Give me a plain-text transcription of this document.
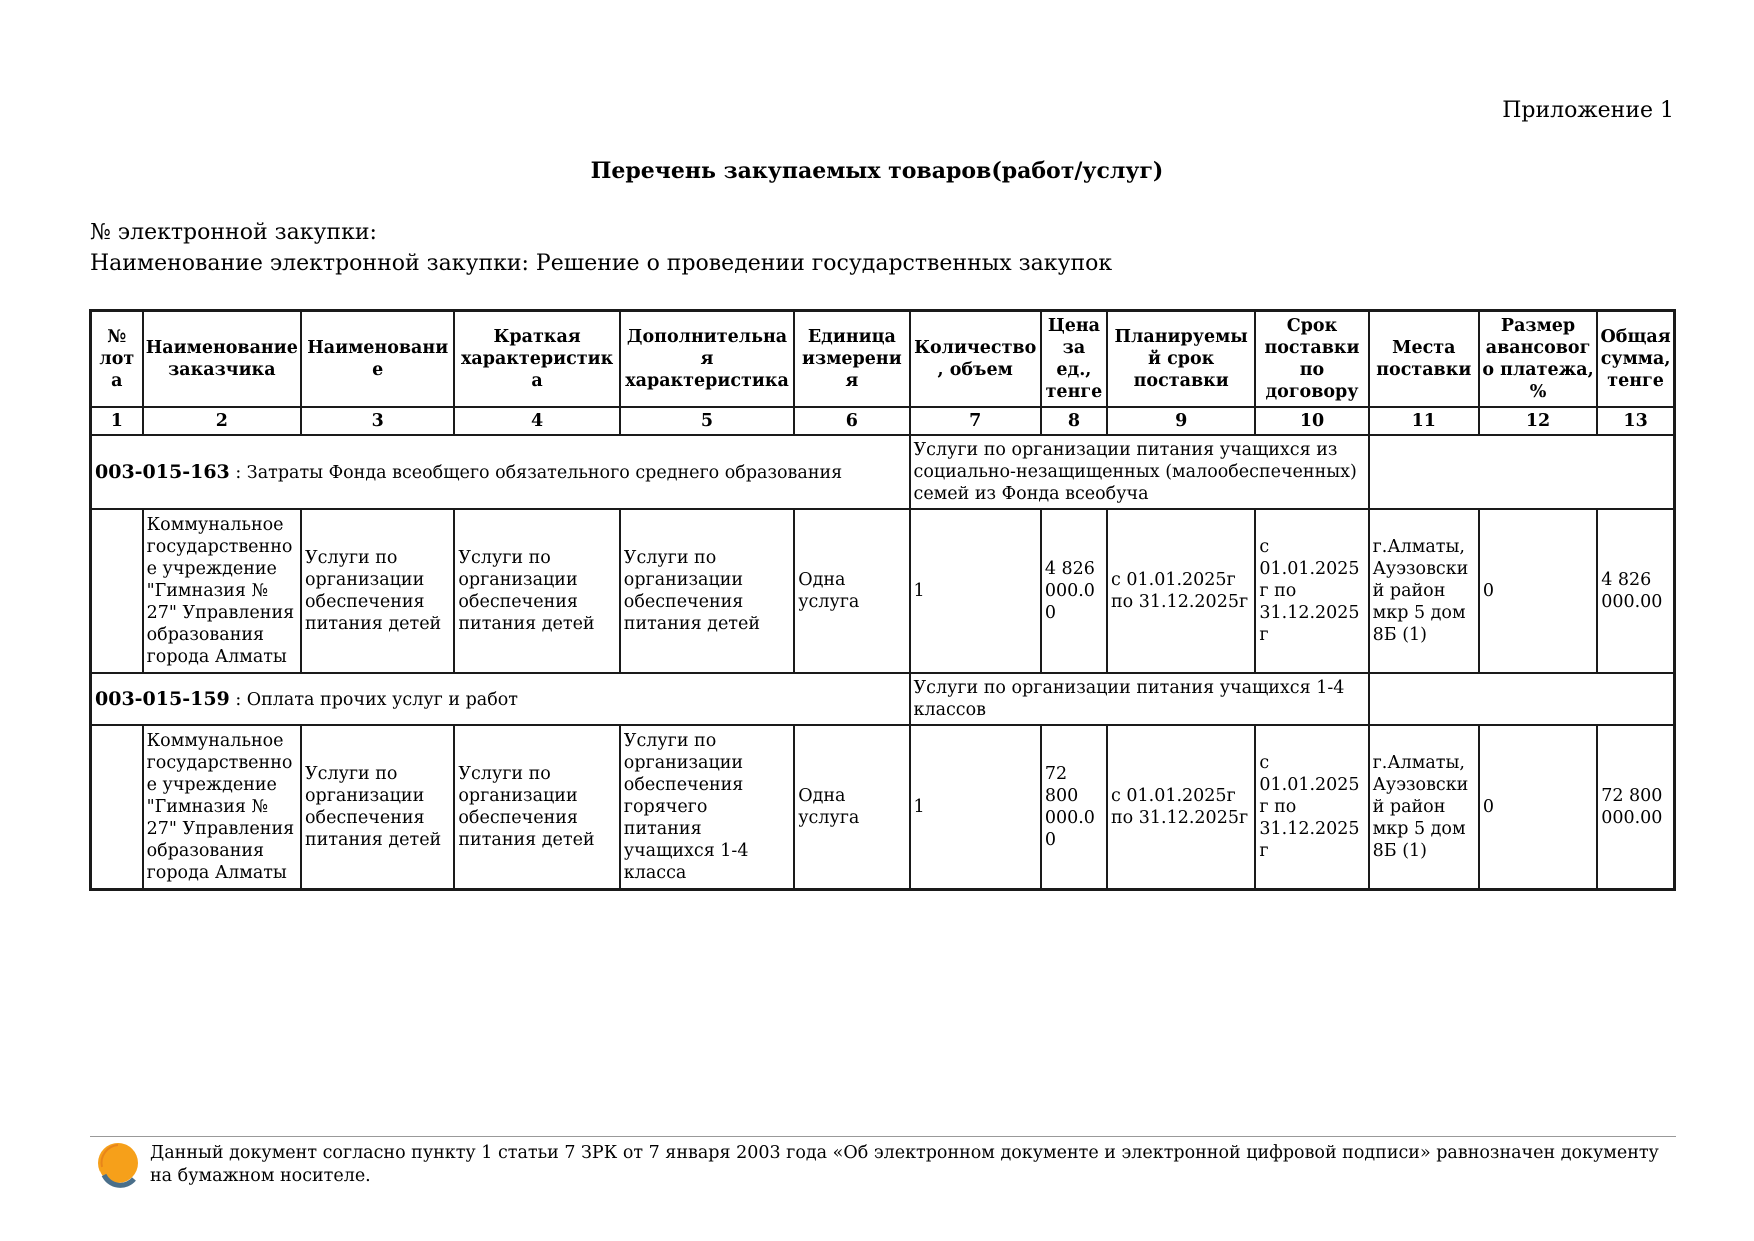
Приложение 1
Перечень закупаемых товаров(работ/услуг)
№ электронной закупки:
Наименование электронной закупки: Решение о проведении государственных закупок
№ лота	Наименование заказчика	Наименование	Краткая характеристика	Дополнительная характеристика	Единица измерения	Количество, объем	Цена за ед., тенге	Планируемый срок поставки	Срок поставки по договору	Места поставки	Размер авансового платежа, %	Общая сумма, тенге
1	2	3	4	5	6	7	8	9	10	11	12	13
003-015-163 : Затраты Фонда всеобщего обязательного среднего образования						Услуги по организации питания учащихся из социально-незащищенных (малообеспеченных) семей из Фонда всеобуча						
	Коммунальное государственное учреждение "Гимназия № 27" Управления образования города Алматы	Услуги по организации обеспечения питания детей	Услуги по организации обеспечения питания детей	Услуги по организации обеспечения питания детей	Одна услуга	1	4 826 000.00	с 01.01.2025г по 31.12.2025г	с 01.01.2025г по 31.12.2025г	г.Алматы, Ауэзовский район мкр 5 дом 8Б (1)	0	4 826 000.00
003-015-159 : Оплата прочих услуг и работ						Услуги по организации питания учащихся 1-4 классов						
	Коммунальное государственное учреждение "Гимназия № 27" Управления образования города Алматы	Услуги по организации обеспечения питания детей	Услуги по организации обеспечения питания детей	Услуги по организации обеспечения горячего питания учащихся 1-4 класса	Одна услуга	1	72 800 000.00	с 01.01.2025г по 31.12.2025г	с 01.01.2025г по 31.12.2025г	г.Алматы, Ауэзовский район мкр 5 дом 8Б (1)	0	72 800 000.00
Данный документ согласно пункту 1 статьи 7 ЗРК от 7 января 2003 года «Об электронном документе и электронной цифровой подписи» равнозначен документу на бумажном носителе.
